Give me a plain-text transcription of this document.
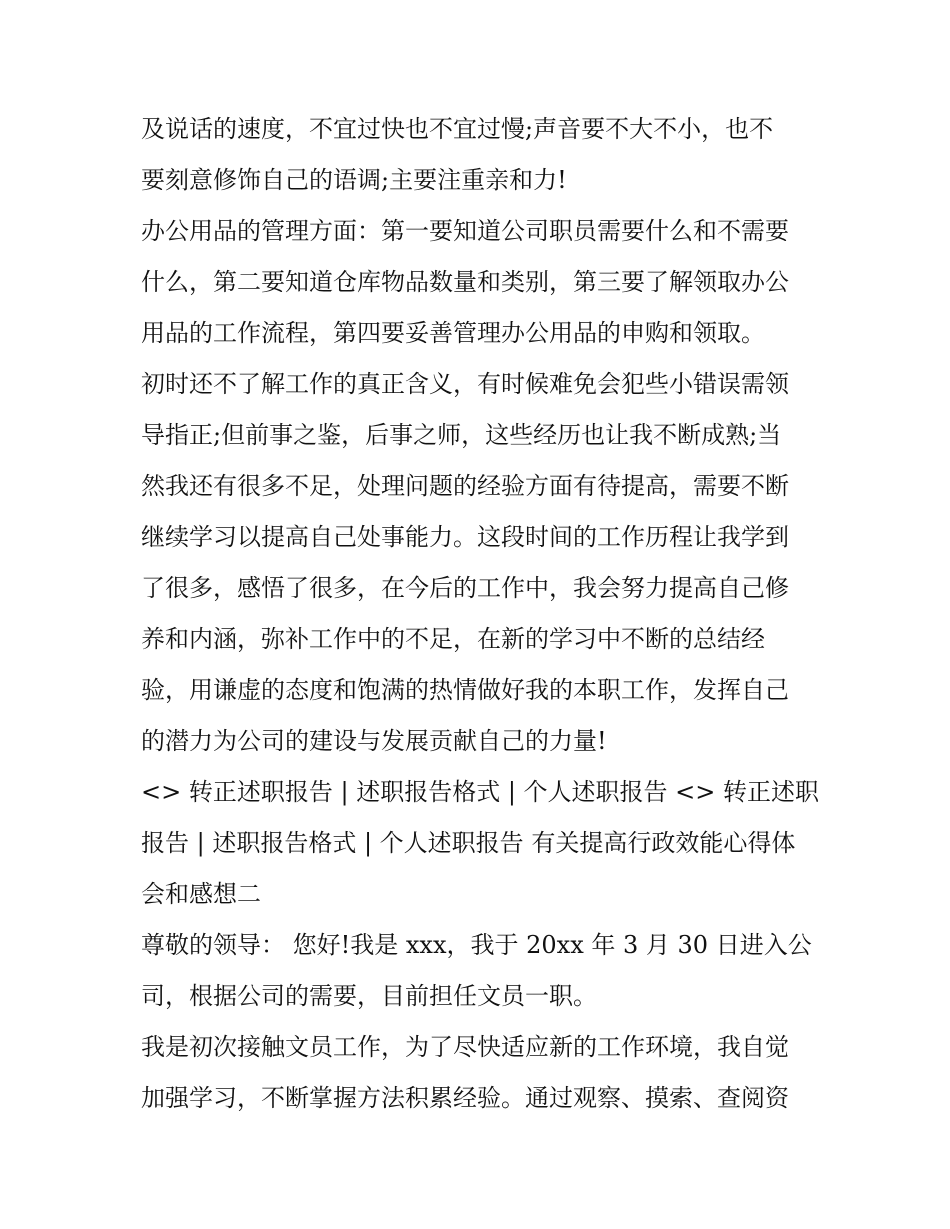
及说话的速度，不宜过快也不宜过慢;声音要不大不小，也不
要刻意修饰自己的语调;主要注重亲和力!
办公用品的管理方面：第一要知道公司职员需要什么和不需要
什么，第二要知道仓库物品数量和类别，第三要了解领取办公
用品的工作流程，第四要妥善管理办公用品的申购和领取。
初时还不了解工作的真正含义，有时候难免会犯些小错误需领
导指正;但前事之鉴，后事之师，这些经历也让我不断成熟;当
然我还有很多不足，处理问题的经验方面有待提高，需要不断
继续学习以提高自己处事能力。这段时间的工作历程让我学到
了很多，感悟了很多，在今后的工作中，我会努力提高自己修
养和内涵，弥补工作中的不足，在新的学习中不断的总结经
验，用谦虚的态度和饱满的热情做好我的本职工作，发挥自己
的潜力为公司的建设与发展贡献自己的力量!
<> 转正述职报告 | 述职报告格式 | 个人述职报告 <> 转正述职
报告 | 述职报告格式 | 个人述职报告 有关提高行政效能心得体
会和感想二
尊敬的领导： 您好!我是 xxx，我于 20xx 年 3 月 30 日进入公
司，根据公司的需要，目前担任文员一职。
我是初次接触文员工作，为了尽快适应新的工作环境，我自觉
加强学习，不断掌握方法积累经验。通过观察、摸索、查阅资
